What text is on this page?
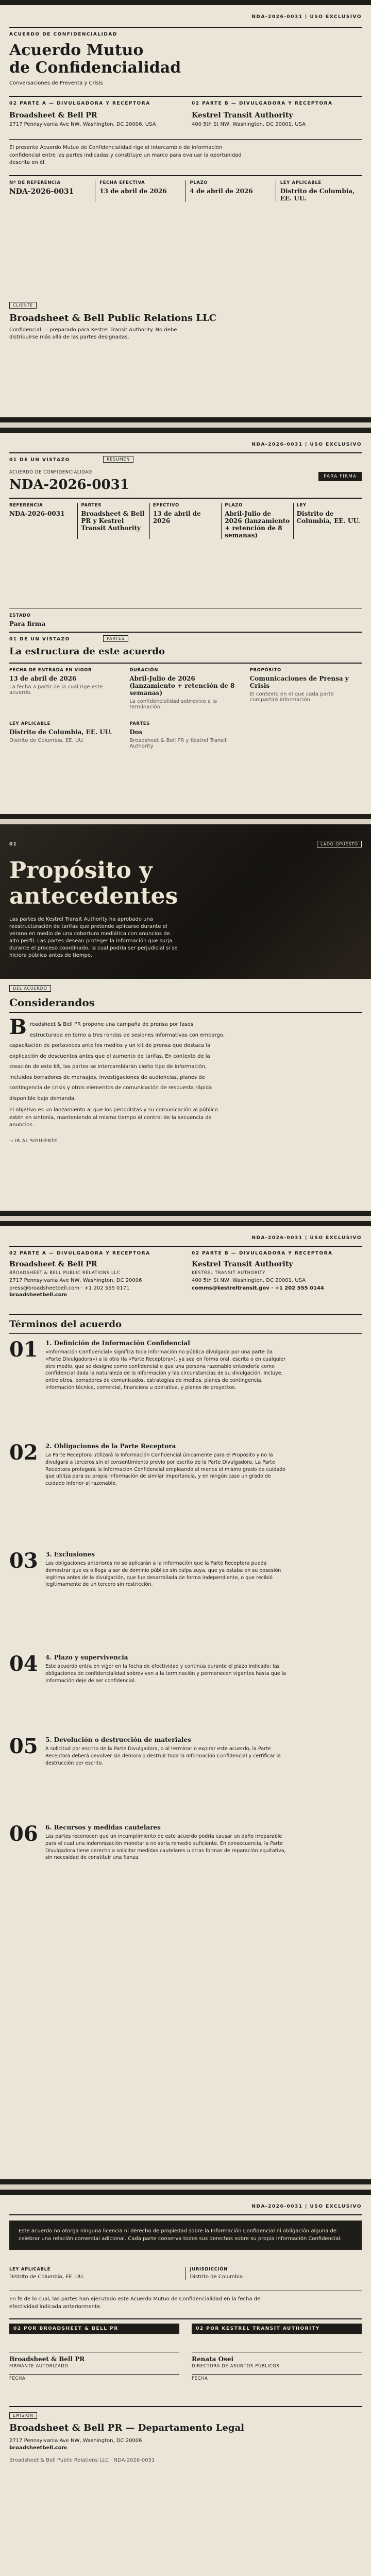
NDA-2026-0031 | USO EXCLUSIVO
ACUERDO DE CONFIDENCIALIDAD
Acuerdo Mutuo
de Confidencialidad
Conversaciones de Preventa y Crisis
02 PARTE A — DIVULGADORA Y RECEPTORA
Broadsheet & Bell PR
2717 Pennsylvania Ave NW, Washington, DC 20006, USA
02 PARTE B — DIVULGADORA Y RECEPTORA
Kestrel Transit Authority
400 5th St NW, Washington, DC 20001, USA
El presente Acuerdo Mutuo de Confidencialidad rige el intercambio de información confidencial entre las partes indicadas y constituye un marco para evaluar la oportunidad descrita en él.
Nº DE REFERENCIA
NDA-2026-0031
FECHA EFECTIVA
13 de abril de 2026
PLAZO
4 de abril de 2026
LEY APLICABLE
Distrito de Columbia, EE. UU.
CLIENTE
Broadsheet & Bell Public Relations LLC
Confidencial — preparado para Kestrel Transit Authority. No debe distribuirse más allá de las partes designadas.
NDA-2026-0031 | USO EXCLUSIVO
01 DE UN VISTAZO	RESUMEN
ACUERDO DE CONFIDENCIALIDAD
NDA-2026-0031
PARA FIRMA
REFERENCIA
NDA-2026-0031
PARTES
Broadsheet & Bell PR y Kestrel Transit Authority
EFECTIVO
13 de abril de 2026
PLAZO
Abril-Julio de 2026 (lanzamiento + retención de 8 semanas)
LEY
Distrito de Columbia, EE. UU.
ESTADO
Para firma
01 DE UN VISTAZO	PARTES
La estructura de este acuerdo
FECHA DE ENTRADA EN VIGOR
13 de abril de 2026
La fecha a partir de la cual rige este acuerdo.
DURACIÓN
Abril-Julio de 2026 (lanzamiento + retención de 8 semanas)
La confidencialidad sobrevive a la terminación.
PROPÓSITO
Comunicaciones de Prensa y Crisis
El contexto en el que cada parte compartirá información.
LEY APLICABLE
Distrito de Columbia, EE. UU.
Distrito de Columbia, EE. UU.
PARTES
Dos
Broadsheet & Bell PR y Kestrel Transit Authority
01	LADO OPUESTO
Propósito y
antecedentes
Las partes de Kestrel Transit Authority ha aprobado una reestructuración de tarifas que pretende aplicarse durante el verano en medio de una cobertura mediática con anuncios de alto perfil. Las partes desean proteger la información que surja durante el proceso coordinado, la cual podría ser perjudicial si se hiciera pública antes de tiempo.
DEL ACUERDO
Considerandos
B roadsheet & Bell PR propone una campaña de prensa por fases estructurada en torno a tres rondas de sesiones informativas con embargo, capacitación de portavoces ante los medios y un kit de prensa que destaca la explicación de descuentos antes que el aumento de tarifas. En contexto de la creación de este kit, las partes se intercambiarán cierto tipo de información, incluidos borradores de mensajes, investigaciones de audiencias, planes de contingencia de crisis y otros elementos de comunicación de respuesta rápida disponible bajo demanda.
El objetivo es un lanzamiento al que los periodistas y su comunicación al público estén en sintonía, manteniendo al mismo tiempo el control de la secuencia de anuncios.
→ IR AL SIGUIENTE
NDA-2026-0031 | USO EXCLUSIVO
02 PARTE A — DIVULGADORA Y RECEPTORA
Broadsheet & Bell PR
BROADSHEET & BELL PUBLIC RELATIONS LLC
2717 Pennsylvania Ave NW, Washington, DC 20006
press@broadsheetbell.com · +1 202 555 0171
broadsheetbell.com
02 PARTE B — DIVULGADORA Y RECEPTORA
Kestrel Transit Authority
KESTREL TRANSIT AUTHORITY
400 5th St NW, Washington, DC 20001, USA
comms@kestreltransit.gov · +1 202 555 0144
Términos del acuerdo
01 1. Definición de Información Confidencial
«Información Confidencial» significa toda información no pública divulgada por una parte (la «Parte Divulgadora») a la otra (la «Parte Receptora»), ya sea en forma oral, escrita o en cualquier otro medio, que se designe como confidencial o que una persona razonable entendería como confidencial dada la naturaleza de la información y las circunstancias de su divulgación. Incluye, entre otros, borradores de comunicados, estrategias de medios, planes de contingencia, información técnica, comercial, financiera u operativa, y planes de proyectos.
02 2. Obligaciones de la Parte Receptora
La Parte Receptora utilizará la Información Confidencial únicamente para el Propósito y no la divulgará a terceros sin el consentimiento previo por escrito de la Parte Divulgadora. La Parte Receptora protegerá la Información Confidencial empleando al menos el mismo grado de cuidado que utiliza para su propia información de similar importancia, y en ningún caso un grado de cuidado inferior al razonable.
03 3. Exclusiones
Las obligaciones anteriores no se aplicarán a la información que la Parte Receptora pueda demostrar que es o llega a ser de dominio público sin culpa suya, que ya estaba en su posesión legítima antes de la divulgación, que fue desarrollada de forma independiente, o que recibió legítimamente de un tercero sin restricción.
04 4. Plazo y supervivencia
Este acuerdo entra en vigor en la fecha de efectividad y continúa durante el plazo indicado; las obligaciones de confidencialidad sobreviven a la terminación y permanecen vigentes hasta que la información deje de ser confidencial.
05 5. Devolución o destrucción de materiales
A solicitud por escrito de la Parte Divulgadora, o al terminar o expirar este acuerdo, la Parte Receptora deberá devolver sin demora o destruir toda la Información Confidencial y certificar la destrucción por escrito.
06 6. Recursos y medidas cautelares
Las partes reconocen que un incumplimiento de este acuerdo podría causar un daño irreparable para el cual una indemnización monetaria no sería remedio suficiente. En consecuencia, la Parte Divulgadora tiene derecho a solicitar medidas cautelares u otras formas de reparación equitativa, sin necesidad de constituir una fianza.
NDA-2026-0031 | USO EXCLUSIVO
Este acuerdo no otorga ninguna licencia ni derecho de propiedad sobre la Información Confidencial ni obligación alguna de celebrar una relación comercial adicional. Cada parte conserva todos sus derechos sobre su propia Información Confidencial.
LEY APLICABLE
Distrito de Columbia, EE. UU.
JURISDICCIÓN
Distrito de Columbia
En fe de lo cual, las partes han ejecutado este Acuerdo Mutuo de Confidencialidad en la fecha de efectividad indicada anteriormente.
02 POR BROADSHEET & BELL PR
Broadsheet & Bell PR
FIRMANTE AUTORIZADO
FECHA
02 POR KESTREL TRANSIT AUTHORITY
Renata Osei
DIRECTORA DE ASUNTOS PÚBLICOS
FECHA
EMISIÓN
Broadsheet & Bell PR — Departamento Legal
2717 Pennsylvania Ave NW, Washington, DC 20006
broadsheetbell.com
Broadsheet & Bell Public Relations LLC · NDA-2026-0031
